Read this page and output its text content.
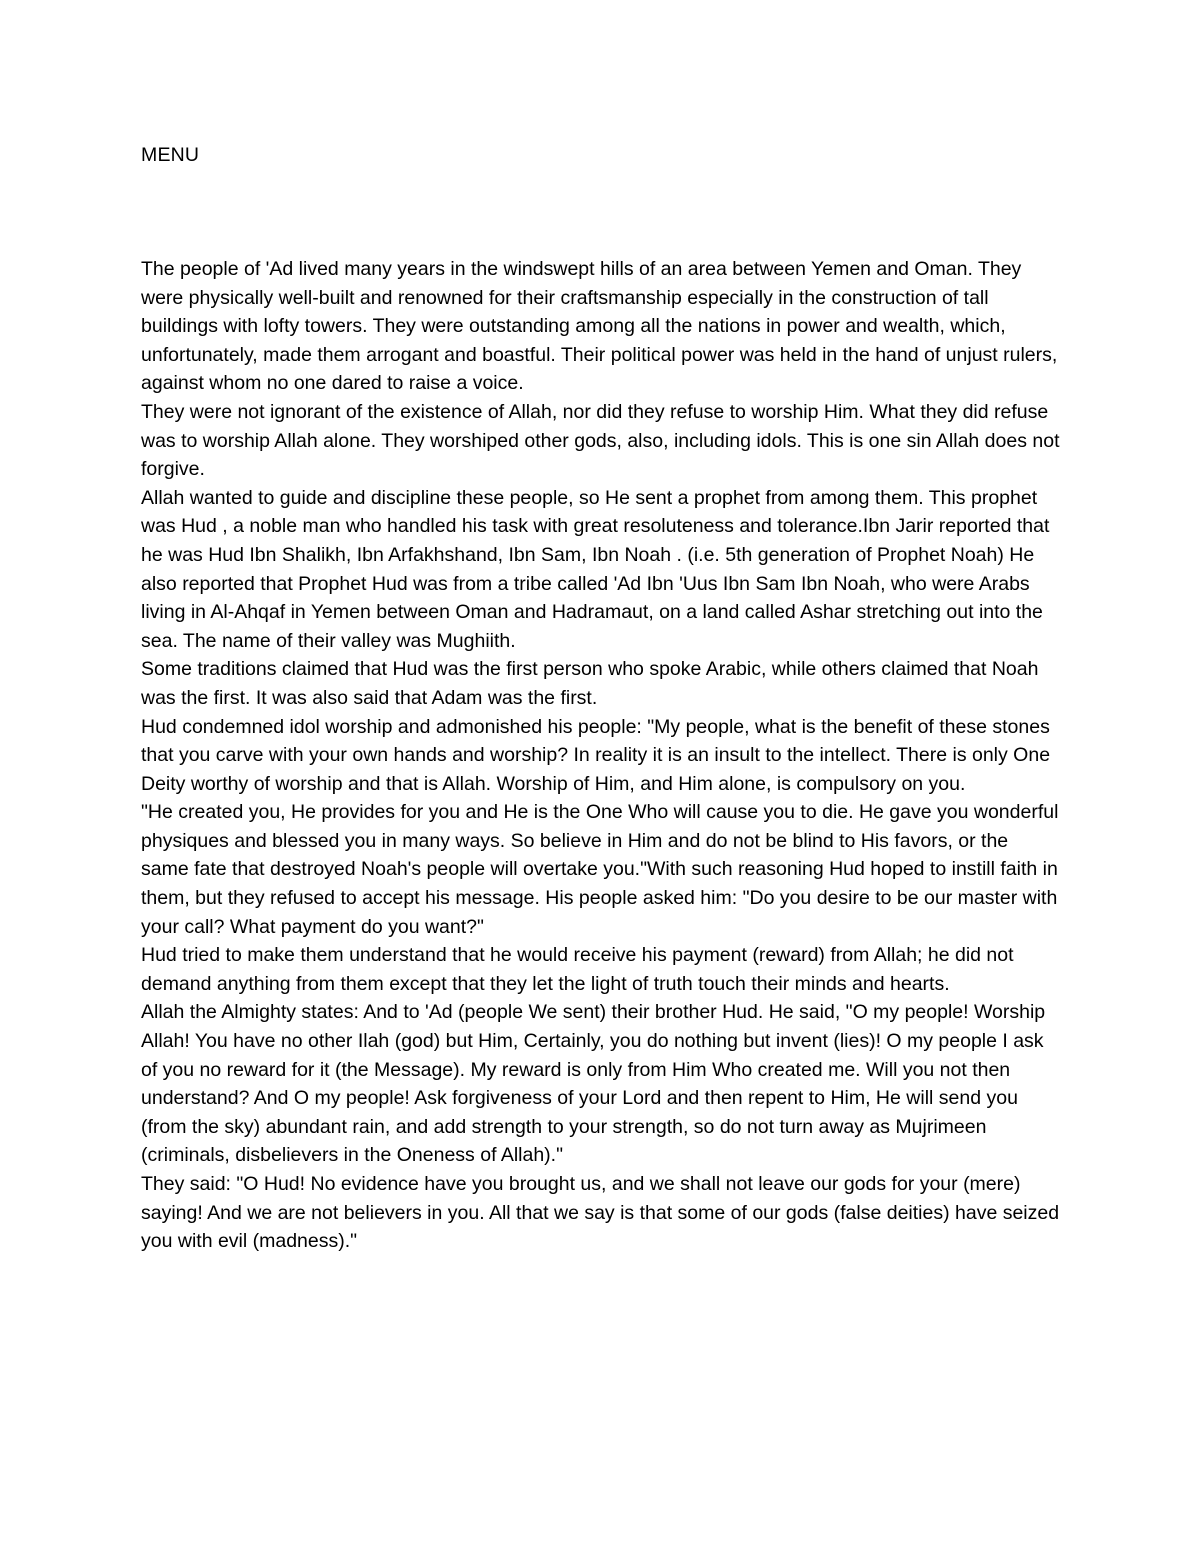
MENU

The people of 'Ad lived many years in the windswept hills of an area between Yemen and Oman. They were physically well-built and renowned for their craftsmanship especially in the construction of tall buildings with lofty towers. They were outstanding among all the nations in power and wealth, which, unfortunately, made them arrogant and boastful. Their political power was held in the hand of unjust rulers, against whom no one dared to raise a voice.

They were not ignorant of the existence of Allah, nor did they refuse to worship Him. What they did refuse was to worship Allah alone. They worshiped other gods, also, including idols. This is one sin Allah does not forgive.

Allah wanted to guide and discipline these people, so He sent a prophet from among them. This prophet was Hud , a noble man who handled his task with great resoluteness and tolerance.Ibn Jarir reported that he was Hud Ibn Shalikh, Ibn Arfakhshand, Ibn Sam, Ibn Noah . (i.e. 5th generation of Prophet Noah) He also reported that Prophet Hud was from a tribe called 'Ad Ibn 'Uus Ibn Sam Ibn Noah, who were Arabs living in Al-Ahqaf in Yemen between Oman and Hadramaut, on a land called Ashar stretching out into the sea. The name of their valley was Mughiith.

Some traditions claimed that Hud was the first person who spoke Arabic, while others claimed that Noah was the first. It was also said that Adam was the first.

Hud condemned idol worship and admonished his people: "My people, what is the benefit of these stones that you carve with your own hands and worship? In reality it is an insult to the intellect. There is only One Deity worthy of worship and that is Allah. Worship of Him, and Him alone, is compulsory on you.

"He created you, He provides for you and He is the One Who will cause you to die. He gave you wonderful physiques and blessed you in many ways. So believe in Him and do not be blind to His favors, or the same fate that destroyed Noah's people will overtake you."With such reasoning Hud hoped to instill faith in them, but they refused to accept his message. His people asked him: "Do you desire to be our master with your call? What payment do you want?"

Hud tried to make them understand that he would receive his payment (reward) from Allah; he did not demand anything from them except that they let the light of truth touch their minds and hearts.

Allah the Almighty states: And to 'Ad (people We sent) their brother Hud. He said, "O my people! Worship Allah! You have no other Ilah (god) but Him, Certainly, you do nothing but invent (lies)! O my people I ask of you no reward for it (the Message). My reward is only from Him Who created me. Will you not then understand? And O my people! Ask forgiveness of your Lord and then repent to Him, He will send you (from the sky) abundant rain, and add strength to your strength, so do not turn away as Mujrimeen (criminals, disbelievers in the Oneness of Allah)."

They said: "O Hud! No evidence have you brought us, and we shall not leave our gods for your (mere) saying! And we are not believers in you. All that we say is that some of our gods (false deities) have seized you with evil (madness)."
